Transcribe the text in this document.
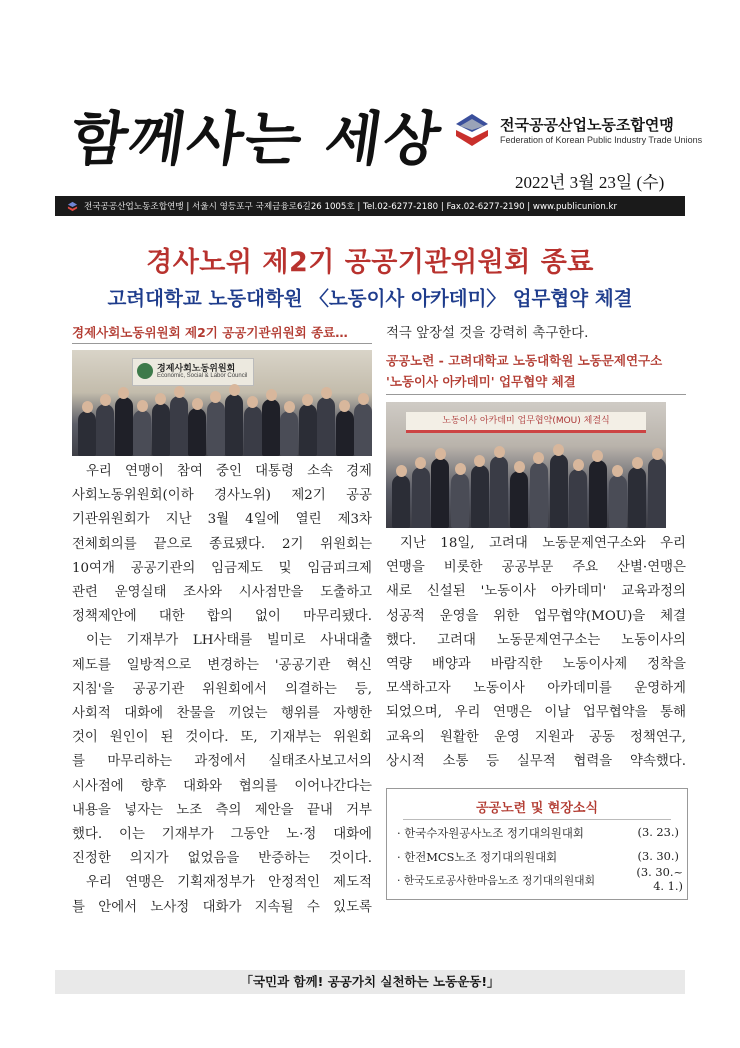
함께사는 세상	전국공공산업노동조합연맹
Federation of Korean Public Industry Trade Unions
2022년 3월 23일 (수)
전국공공산업노동조합연맹 | 서울시 영등포구 국제금융로6길26 1005호 | Tel.02-6277-2180 | Fax.02-6277-2190 | www.publicunion.kr
경사노위 제2기 공공기관위원회 종료
고려대학교 노동대학원 〈노동이사 아카데미〉 업무협약 체결
경제사회노동위원회 제2기 공공기관위원회 종료…
경제사회노동위원회
Economic, Social & Labor Council
우리 연맹이 참여 중인 대통령 소속 경제
사회노동위원회(이하 경사노위) 제2기 공공
기관위원회가 지난 3월 4일에 열린 제3차
전체회의를 끝으로 종료됐다. 2기 위원회는
10여개 공공기관의 임금제도 및 임금피크제
관련 운영실태 조사와 시사점만을 도출하고
정책제안에 대한 합의 없이 마무리됐다.
이는 기재부가 LH사태를 빌미로 사내대출
제도를 일방적으로 변경하는 '공공기관 혁신
지침'을 공공기관 위원회에서 의결하는 등,
사회적 대화에 찬물을 끼얹는 행위를 자행한
것이 원인이 된 것이다. 또, 기재부는 위원회
를 마무리하는 과정에서 실태조사보고서의
시사점에 향후 대화와 협의를 이어나간다는
내용을 넣자는 노조 측의 제안을 끝내 거부
했다. 이는 기재부가 그동안 노·정 대화에
진정한 의지가 없었음을 반증하는 것이다.
우리 연맹은 기획재정부가 안정적인 제도적
틀 안에서 노사정 대화가 지속될 수 있도록
적극 앞장설 것을 강력히 촉구한다.
공공노련 - 고려대학교 노동대학원 노동문제연구소
'노동이사 아카데미' 업무협약 체결
노동이사 아카데미 업무협약(MOU) 체결식
지난 18일, 고려대 노동문제연구소와 우리
연맹을 비롯한 공공부문 주요 산별·연맹은
새로 신설된 '노동이사 아카데미' 교육과정의
성공적 운영을 위한 업무협약(MOU)을 체결
했다. 고려대 노동문제연구소는 노동이사의
역량 배양과 바람직한 노동이사제 정착을
모색하고자 노동이사 아카데미를 운영하게
되었으며, 우리 연맹은 이날 업무협약을 통해
교육의 원활한 운영 지원과 공동 정책연구,
상시적 소통 등 실무적 협력을 약속했다.
공공노련 및 현장소식
· 한국수자원공사노조 정기대의원대회	(3. 23.)
· 한전MCS노조 정기대의원대회	(3. 30.)
· 한국도로공사한마음노조 정기대의원대회
(3. 30.~
4. 1.)
「국민과 함께! 공공가치 실천하는 노동운동!」
